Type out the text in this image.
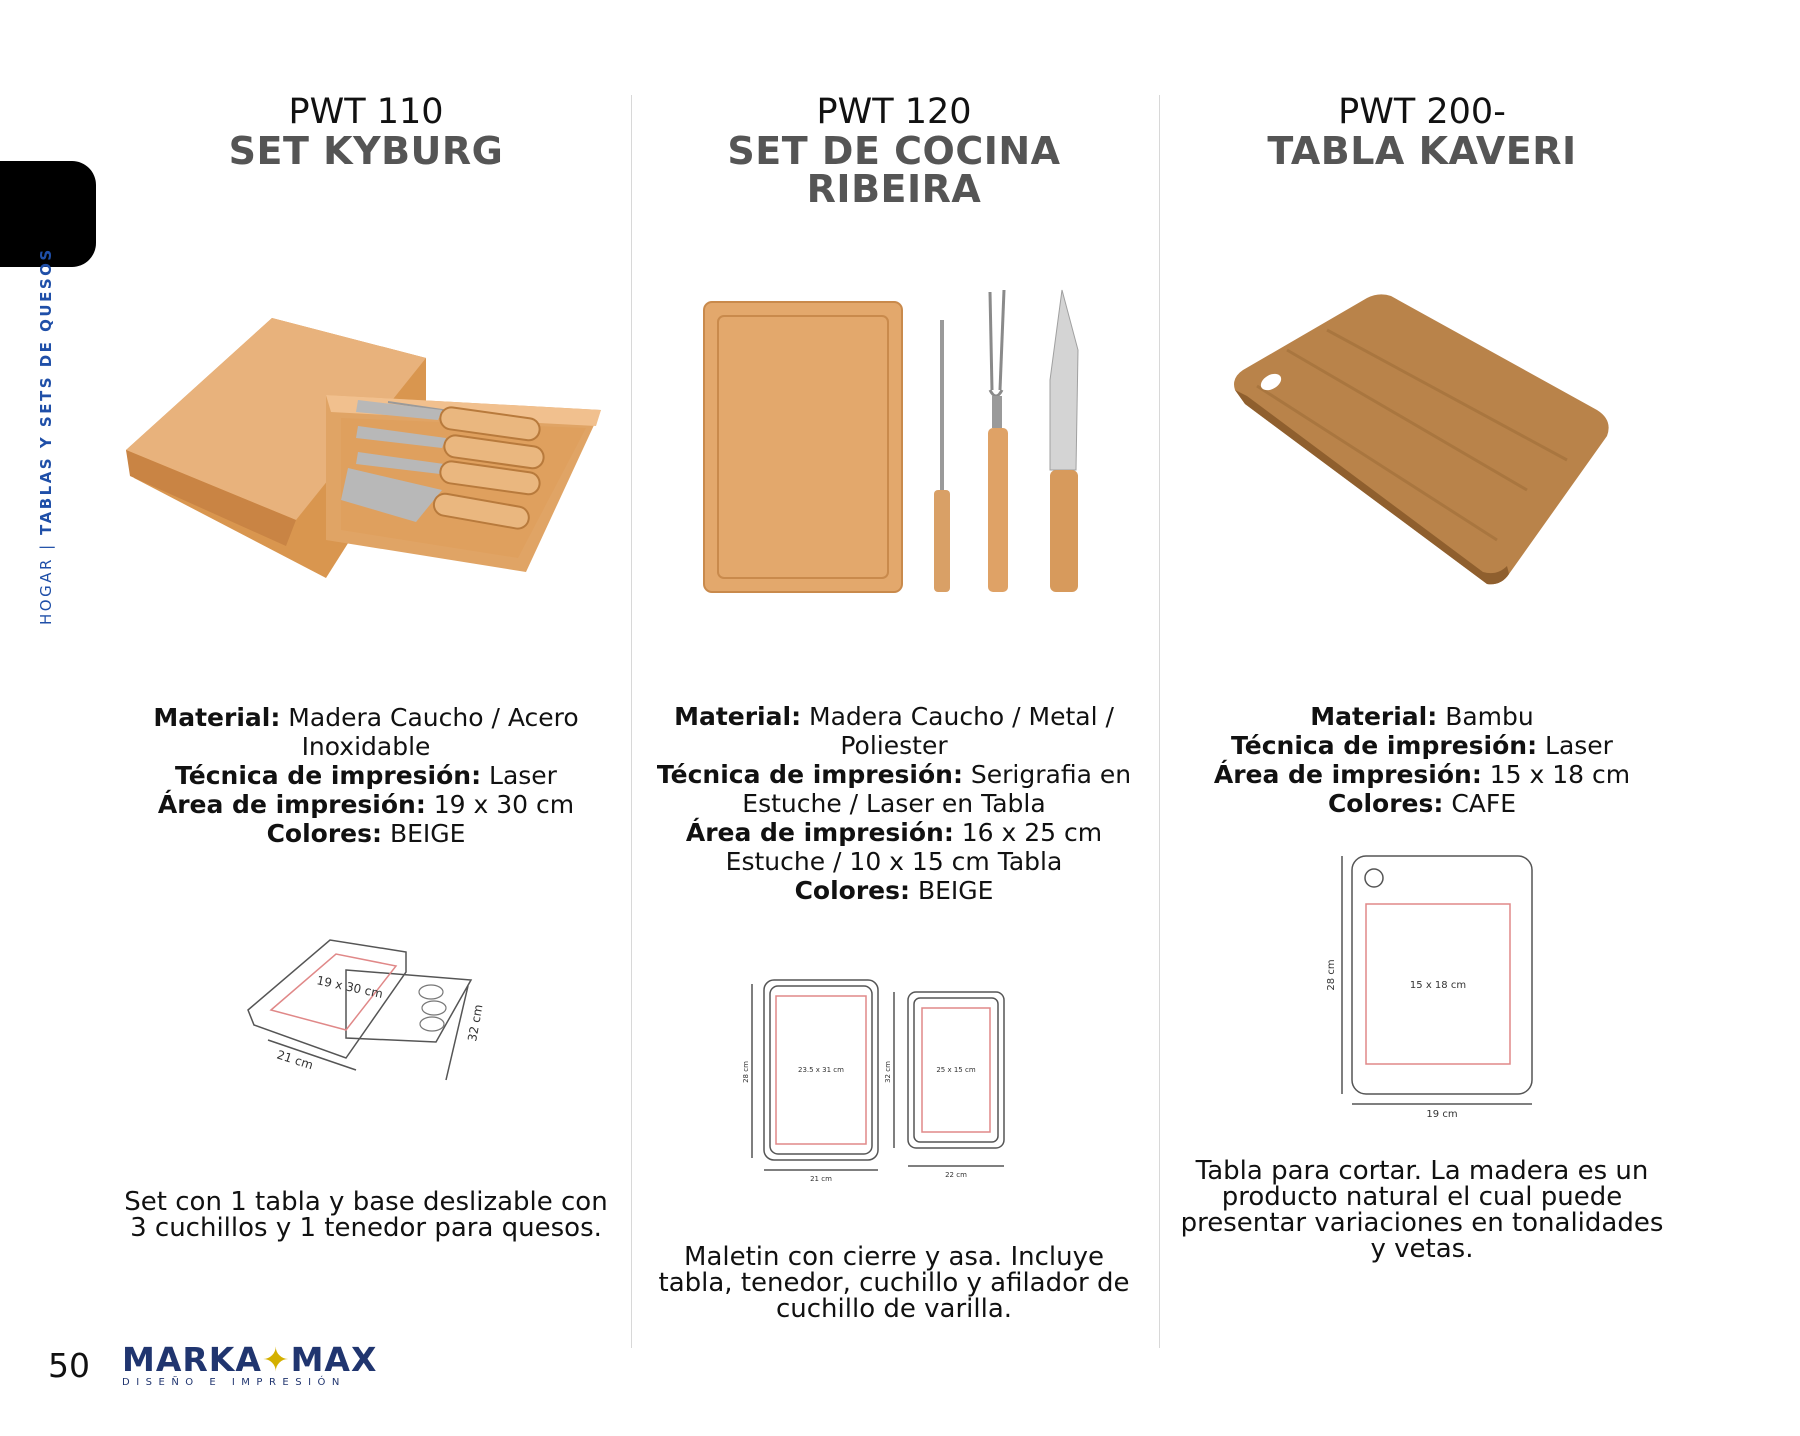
HOGAR | TABLAS Y SETS DE QUESOS
PWT 110
SET KYBURG
Material: Madera Caucho / Acero Inoxidable
Técnica de impresión: Laser
Área de impresión: 19 x 30 cm
Colores: BEIGE
19 x 30 cm
21 cm
32 cm
Set con 1 tabla y base deslizable con 3 cuchillos y 1 tenedor para quesos.
PWT 120
SET DE COCINA
RIBEIRA
Material: Madera Caucho / Metal / Poliester
Técnica de impresión: Serigrafia en Estuche / Laser en Tabla
Área de impresión: 16 x 25 cm Estuche / 10 x 15 cm Tabla
Colores: BEIGE
23.5 x 31 cm	25 x 15 cm
21 cm	22 cm
28 cm	32 cm
Maletin con cierre y asa. Incluye tabla, tenedor, cuchillo y afilador de cuchillo de varilla.
PWT 200-
TABLA KAVERI
Material: Bambu
Técnica de impresión: Laser
Área de impresión: 15 x 18 cm
Colores: CAFE
15 x 18 cm
19 cm
28 cm
Tabla para cortar. La madera es un producto natural el cual puede presentar variaciones en tonalidades y vetas.
50 MARKA✦MAX
DISEÑO E IMPRESIÓN
